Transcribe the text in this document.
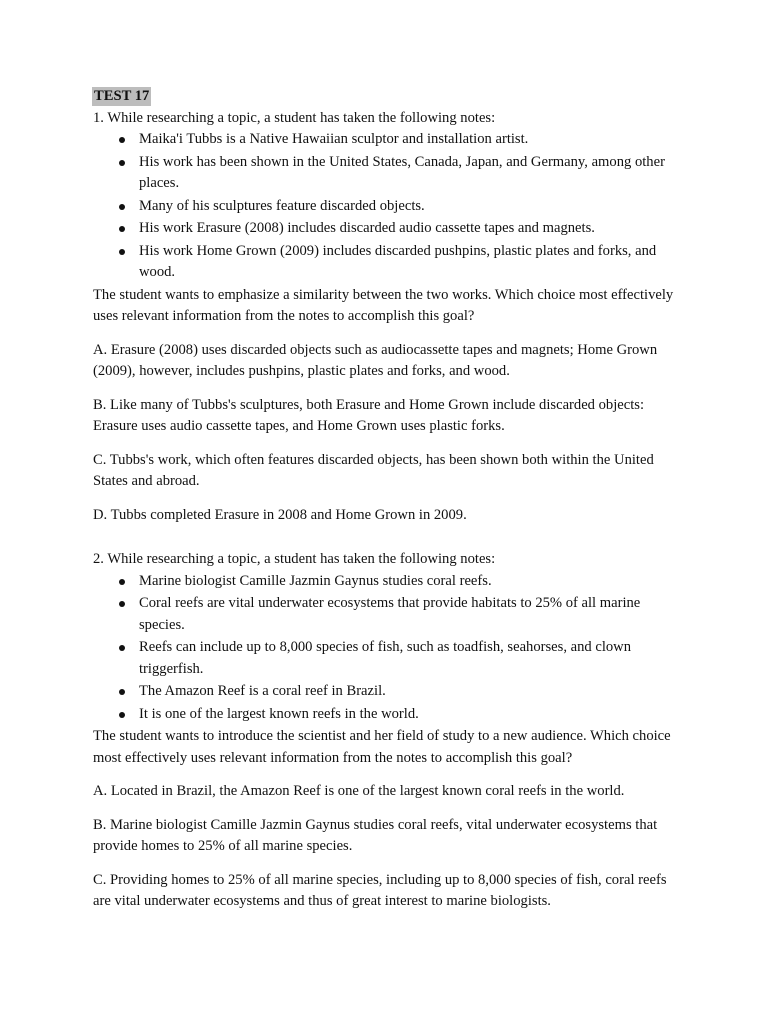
TEST 17

1. While researching a topic, a student has taken the following notes:

Maika'i Tubbs is a Native Hawaiian sculptor and installation artist.
His work has been shown in the United States, Canada, Japan, and Germany, among other places.
Many of his sculptures feature discarded objects.
His work Erasure (2008) includes discarded audio cassette tapes and magnets.
His work Home Grown (2009) includes discarded pushpins, plastic plates and forks, and wood.

The student wants to emphasize a similarity between the two works. Which choice most effectively uses relevant information from the notes to accomplish this goal?

A. Erasure (2008) uses discarded objects such as audiocassette tapes and magnets; Home Grown (2009), however, includes pushpins, plastic plates and forks, and wood.

B. Like many of Tubbs's sculptures, both Erasure and Home Grown include discarded objects: Erasure uses audio cassette tapes, and Home Grown uses plastic forks.

C. Tubbs's work, which often features discarded objects, has been shown both within the United States and abroad.

D. Tubbs completed Erasure in 2008 and Home Grown in 2009.

2. While researching a topic, a student has taken the following notes:

Marine biologist Camille Jazmin Gaynus studies coral reefs.
Coral reefs are vital underwater ecosystems that provide habitats to 25% of all marine species.
Reefs can include up to 8,000 species of fish, such as toadfish, seahorses, and clown triggerfish.
The Amazon Reef is a coral reef in Brazil.
It is one of the largest known reefs in the world.

The student wants to introduce the scientist and her field of study to a new audience. Which choice most effectively uses relevant information from the notes to accomplish this goal?

A. Located in Brazil, the Amazon Reef is one of the largest known coral reefs in the world.

B. Marine biologist Camille Jazmin Gaynus studies coral reefs, vital underwater ecosystems that provide homes to 25% of all marine species.

C. Providing homes to 25% of all marine species, including up to 8,000 species of fish, coral reefs are vital underwater ecosystems and thus of great interest to marine biologists.
